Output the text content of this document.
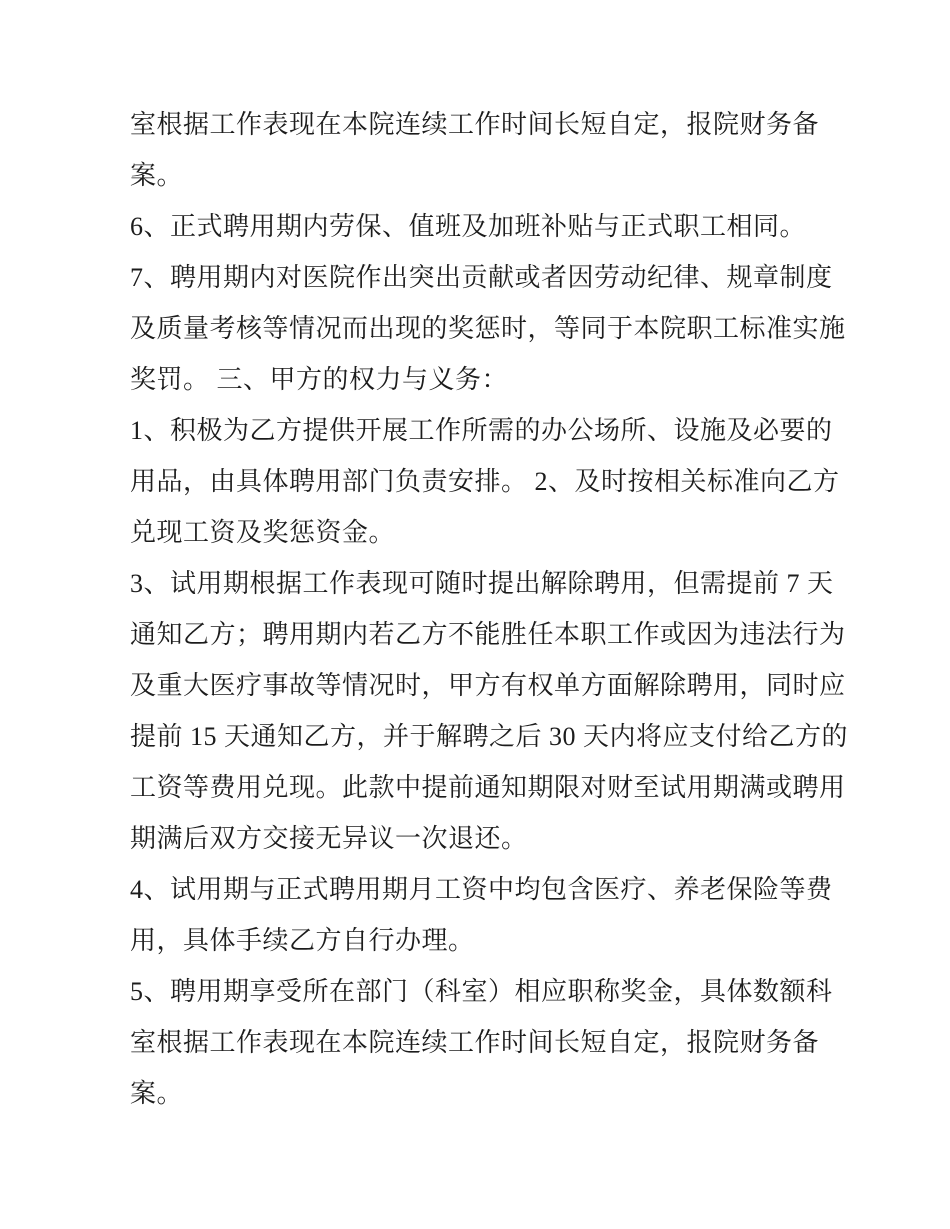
室根据工作表现在本院连续工作时间长短自定，报院财务备
案。
6、正式聘用期内劳保、值班及加班补贴与正式职工相同。
7、聘用期内对医院作出突出贡献或者因劳动纪律、规章制度
及质量考核等情况而出现的奖惩时，等同于本院职工标准实施
奖罚。 三、甲方的权力与义务：
1、积极为乙方提供开展工作所需的办公场所、设施及必要的
用品，由具体聘用部门负责安排。 2、及时按相关标准向乙方
兑现工资及奖惩资金。
3、试用期根据工作表现可随时提出解除聘用，但需提前 7 天
通知乙方；聘用期内若乙方不能胜任本职工作或因为违法行为
及重大医疗事故等情况时，甲方有权单方面解除聘用，同时应
提前 15 天通知乙方，并于解聘之后 30 天内将应支付给乙方的
工资等费用兑现。此款中提前通知期限对财至试用期满或聘用
期满后双方交接无异议一次退还。
4、试用期与正式聘用期月工资中均包含医疗、养老保险等费
用，具体手续乙方自行办理。
5、聘用期享受所在部门（科室）相应职称奖金，具体数额科
室根据工作表现在本院连续工作时间长短自定，报院财务备
案。
